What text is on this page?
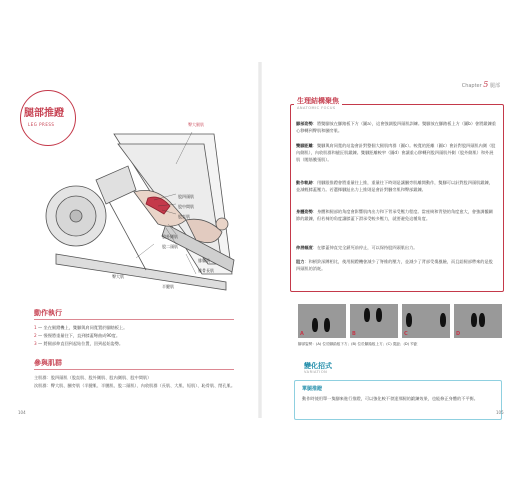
腿部推蹬
LEG PRESS	臀大腿肌
股四頭肌
股中間肌
股直肌
股外側肌
股二頭肌
腓腸肌
臀大肌
半腱肌
腓骨長肌
動作執行
1 — 坐在腿蹬機上，雙腳與肩同寬置於腳踏板上。
2 — 慢慢將重量往下，直到膝蓋彎曲成90度。
3 — 將腿部伸直回到起始位置，回到起始姿勢。
參與肌群
主肌群：股四頭肌（股直肌、股外側肌、股內側肌、股中間肌）
次肌群：臀大肌、膕旁肌（半腱肌、半膜肌、股二頭肌）、內收肌群（長肌、大肌、短肌）、恥骨肌、閉孔肌。
104
Chapter 5 腿部
生理結構聚焦
ANATOMIC FOCUS
腳部姿勢：將雙腳放在腳踏板下方（圖a），這會強調股四頭肌訓練。雙腳放在腳踏板上方（圖b）會將鍛鍊重心移轉到臀肌和膕旁肌。
雙腳距離：雙腳與肩同寬的站姿會針對整個大腿肌肉群（圖c）。較寬的距離（圖c）會針對股四頭肌內側（股內側肌），內收肌群和縫匠肌鍛鍊。雙腳距離較窄（圖d）會讓重心移轉到股四頭肌外側（股外側肌）和外展肌（闊筋膜張肌）。
動作軌跡：用腳跟推蹬會將重量往上推，重量往下時則是讓膕旁肌離開動作，雙腳可以針對股四頭肌鍛鍊，並減輕膝蓋壓力。若選擇腳趾出力上推則是會針對膕旁肌和臀部鍛鍊。
身體姿勢：身體和腿部的角度會影響肌肉出力和下背承受壓力程度。當座椅和背墊的角度愈大，會強調髖關節的鍛鍊，但若椅的角度讓膝蓋下滑承受較多壓力，就要避免這種角度。
伸展幅度：在膝蓋伸直完全鎖死前停止，可以保持股四頭肌出力。
阻力：和槓鈴深蹲相比，使用腿蹬機會減少了脊椎的壓力，並減少了背部受傷風險，而且給腿部帶來的是股四頭肌的消耗。
A	B	C	D
腳部姿勢：(A) 位於腳踏板下方；(B) 位於腳踏板上方；(C) 寬距；(D) 窄距
變化招式
VARIATION
單腿推蹬
動作時使用單一隻腳來進行推蹬，可以強化較不發達那腿的鍛鍊效果，也能修正身體的不平衡。
105
